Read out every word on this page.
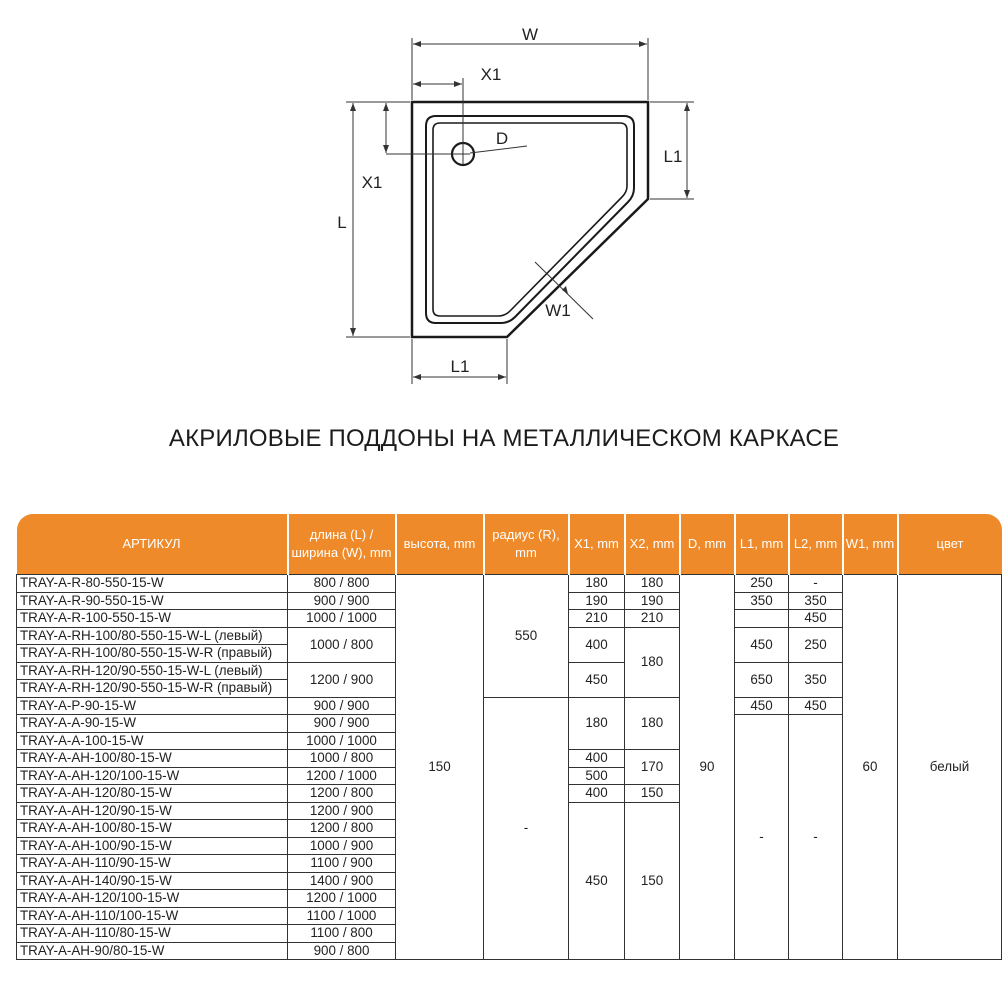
W
X1
D
L
X1
L1
W1
L1
АКРИЛОВЫЕ ПОДДОНЫ НА МЕТАЛЛИЧЕСКОМ КАРКАСЕ
АРТИКУЛ	длина (L) / ширина (W), mm	высота, mm	радиус (R), mm	X1, mm	X2, mm	D, mm	L1, mm	L2, mm	W1, mm	цвет
TRAY-A-R-80-550-15-W	800 / 800	150	550	180	180	90	250	-	60	белый
TRAY-A-R-90-550-15-W	900 / 900			190	190		350	350		
TRAY-A-R-100-550-15-W	1000 / 1000			210	210			450		
TRAY-A-RH-100/80-550-15-W-L (левый)	1000 / 800			400	180		450	250		
TRAY-A-RH-100/80-550-15-W-R (правый)										
TRAY-A-RH-120/90-550-15-W-L (левый)	1200 / 900			450			650	350		
TRAY-A-RH-120/90-550-15-W-R (правый)										
TRAY-A-P-90-15-W	900 / 900		-	180	180		450	450		
TRAY-A-A-90-15-W	900 / 900						-	-		
TRAY-A-A-100-15-W	1000 / 1000									
TRAY-A-AH-100/80-15-W	1000 / 800			400	170					
TRAY-A-AH-120/100-15-W	1200 / 1000			500						
TRAY-A-AH-120/80-15-W	1200 / 800			400	150					
TRAY-A-AH-120/90-15-W	1200 / 900			450	150					
TRAY-A-AH-100/80-15-W	1200 / 800									
TRAY-A-AH-100/90-15-W	1000 / 900									
TRAY-A-AH-110/90-15-W	1100 / 900									
TRAY-A-AH-140/90-15-W	1400 / 900									
TRAY-A-AH-120/100-15-W	1200 / 1000									
TRAY-A-AH-110/100-15-W	1100 / 1000									
TRAY-A-AH-110/80-15-W	1100 / 800									
TRAY-A-AH-90/80-15-W	900 / 800									
